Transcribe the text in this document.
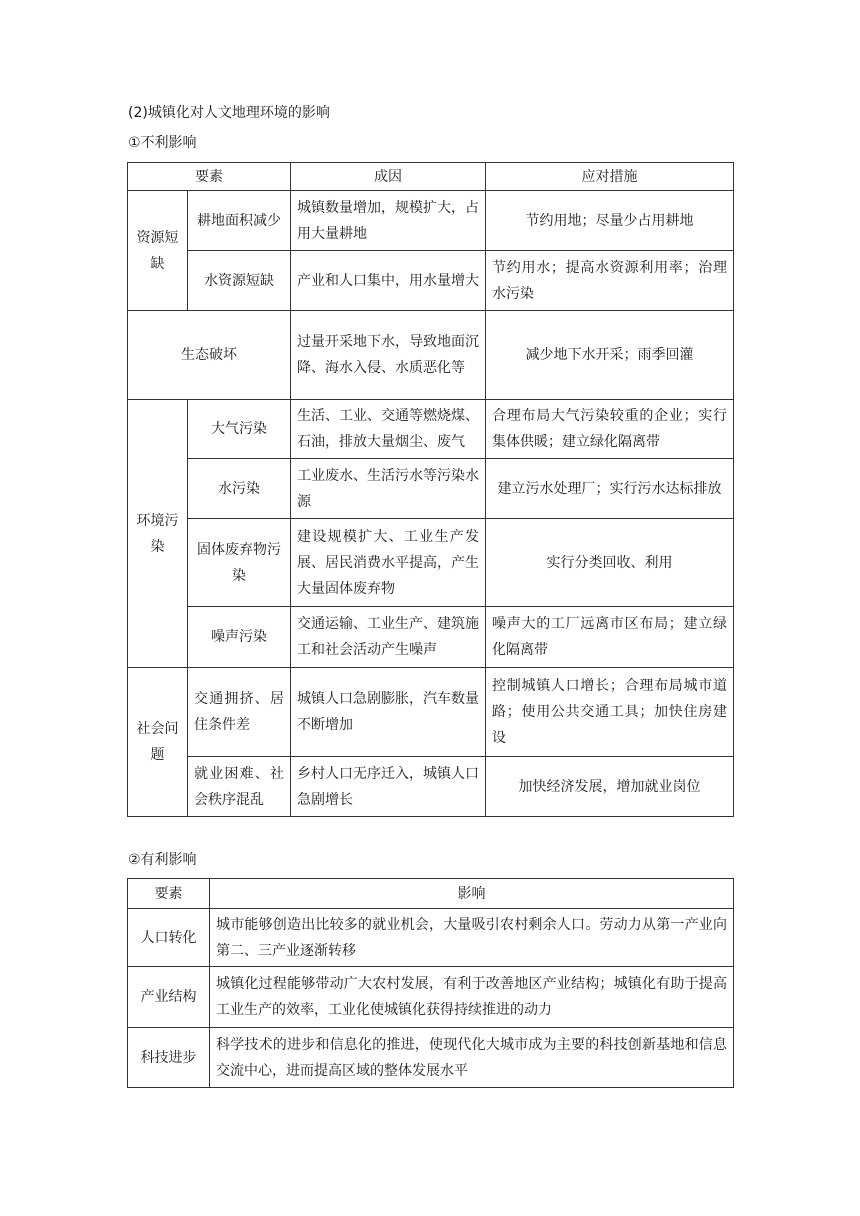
(2)城镇化对人文地理环境的影响
①不利影响
要素		成因	应对措施
资源短缺	耕地面积减少	城镇数量增加，规模扩大，占用大量耕地	节约用地；尽量少占用耕地
	水资源短缺	产业和人口集中，用水量增大	节约用水；提高水资源利用率；治理水污染
生态破坏		过量开采地下水，导致地面沉降、海水入侵、水质恶化等	减少地下水开采；雨季回灌
环境污染	大气污染	生活、工业、交通等燃烧煤、石油，排放大量烟尘、废气	合理布局大气污染较重的企业；实行集体供暖；建立绿化隔离带
	水污染	工业废水、生活污水等污染水源	建立污水处理厂；实行污水达标排放
	固体废弃物污染	建设规模扩大、工业生产发展、居民消费水平提高，产生大量固体废弃物	实行分类回收、利用
	噪声污染	交通运输、工业生产、建筑施工和社会活动产生噪声	噪声大的工厂远离市区布局；建立绿化隔离带
社会问题	交通拥挤、居住条件差	城镇人口急剧膨胀，汽车数量不断增加	控制城镇人口增长；合理布局城市道路；使用公共交通工具；加快住房建设
	就业困难、社会秩序混乱	乡村人口无序迁入，城镇人口急剧增长	加快经济发展，增加就业岗位
②有利影响
要素	影响
人口转化	城市能够创造出比较多的就业机会，大量吸引农村剩余人口。劳动力从第一产业向第二、三产业逐渐转移
产业结构	城镇化过程能够带动广大农村发展，有利于改善地区产业结构；城镇化有助于提高工业生产的效率，工业化使城镇化获得持续推进的动力
科技进步	科学技术的进步和信息化的推进，使现代化大城市成为主要的科技创新基地和信息交流中心，进而提高区域的整体发展水平
